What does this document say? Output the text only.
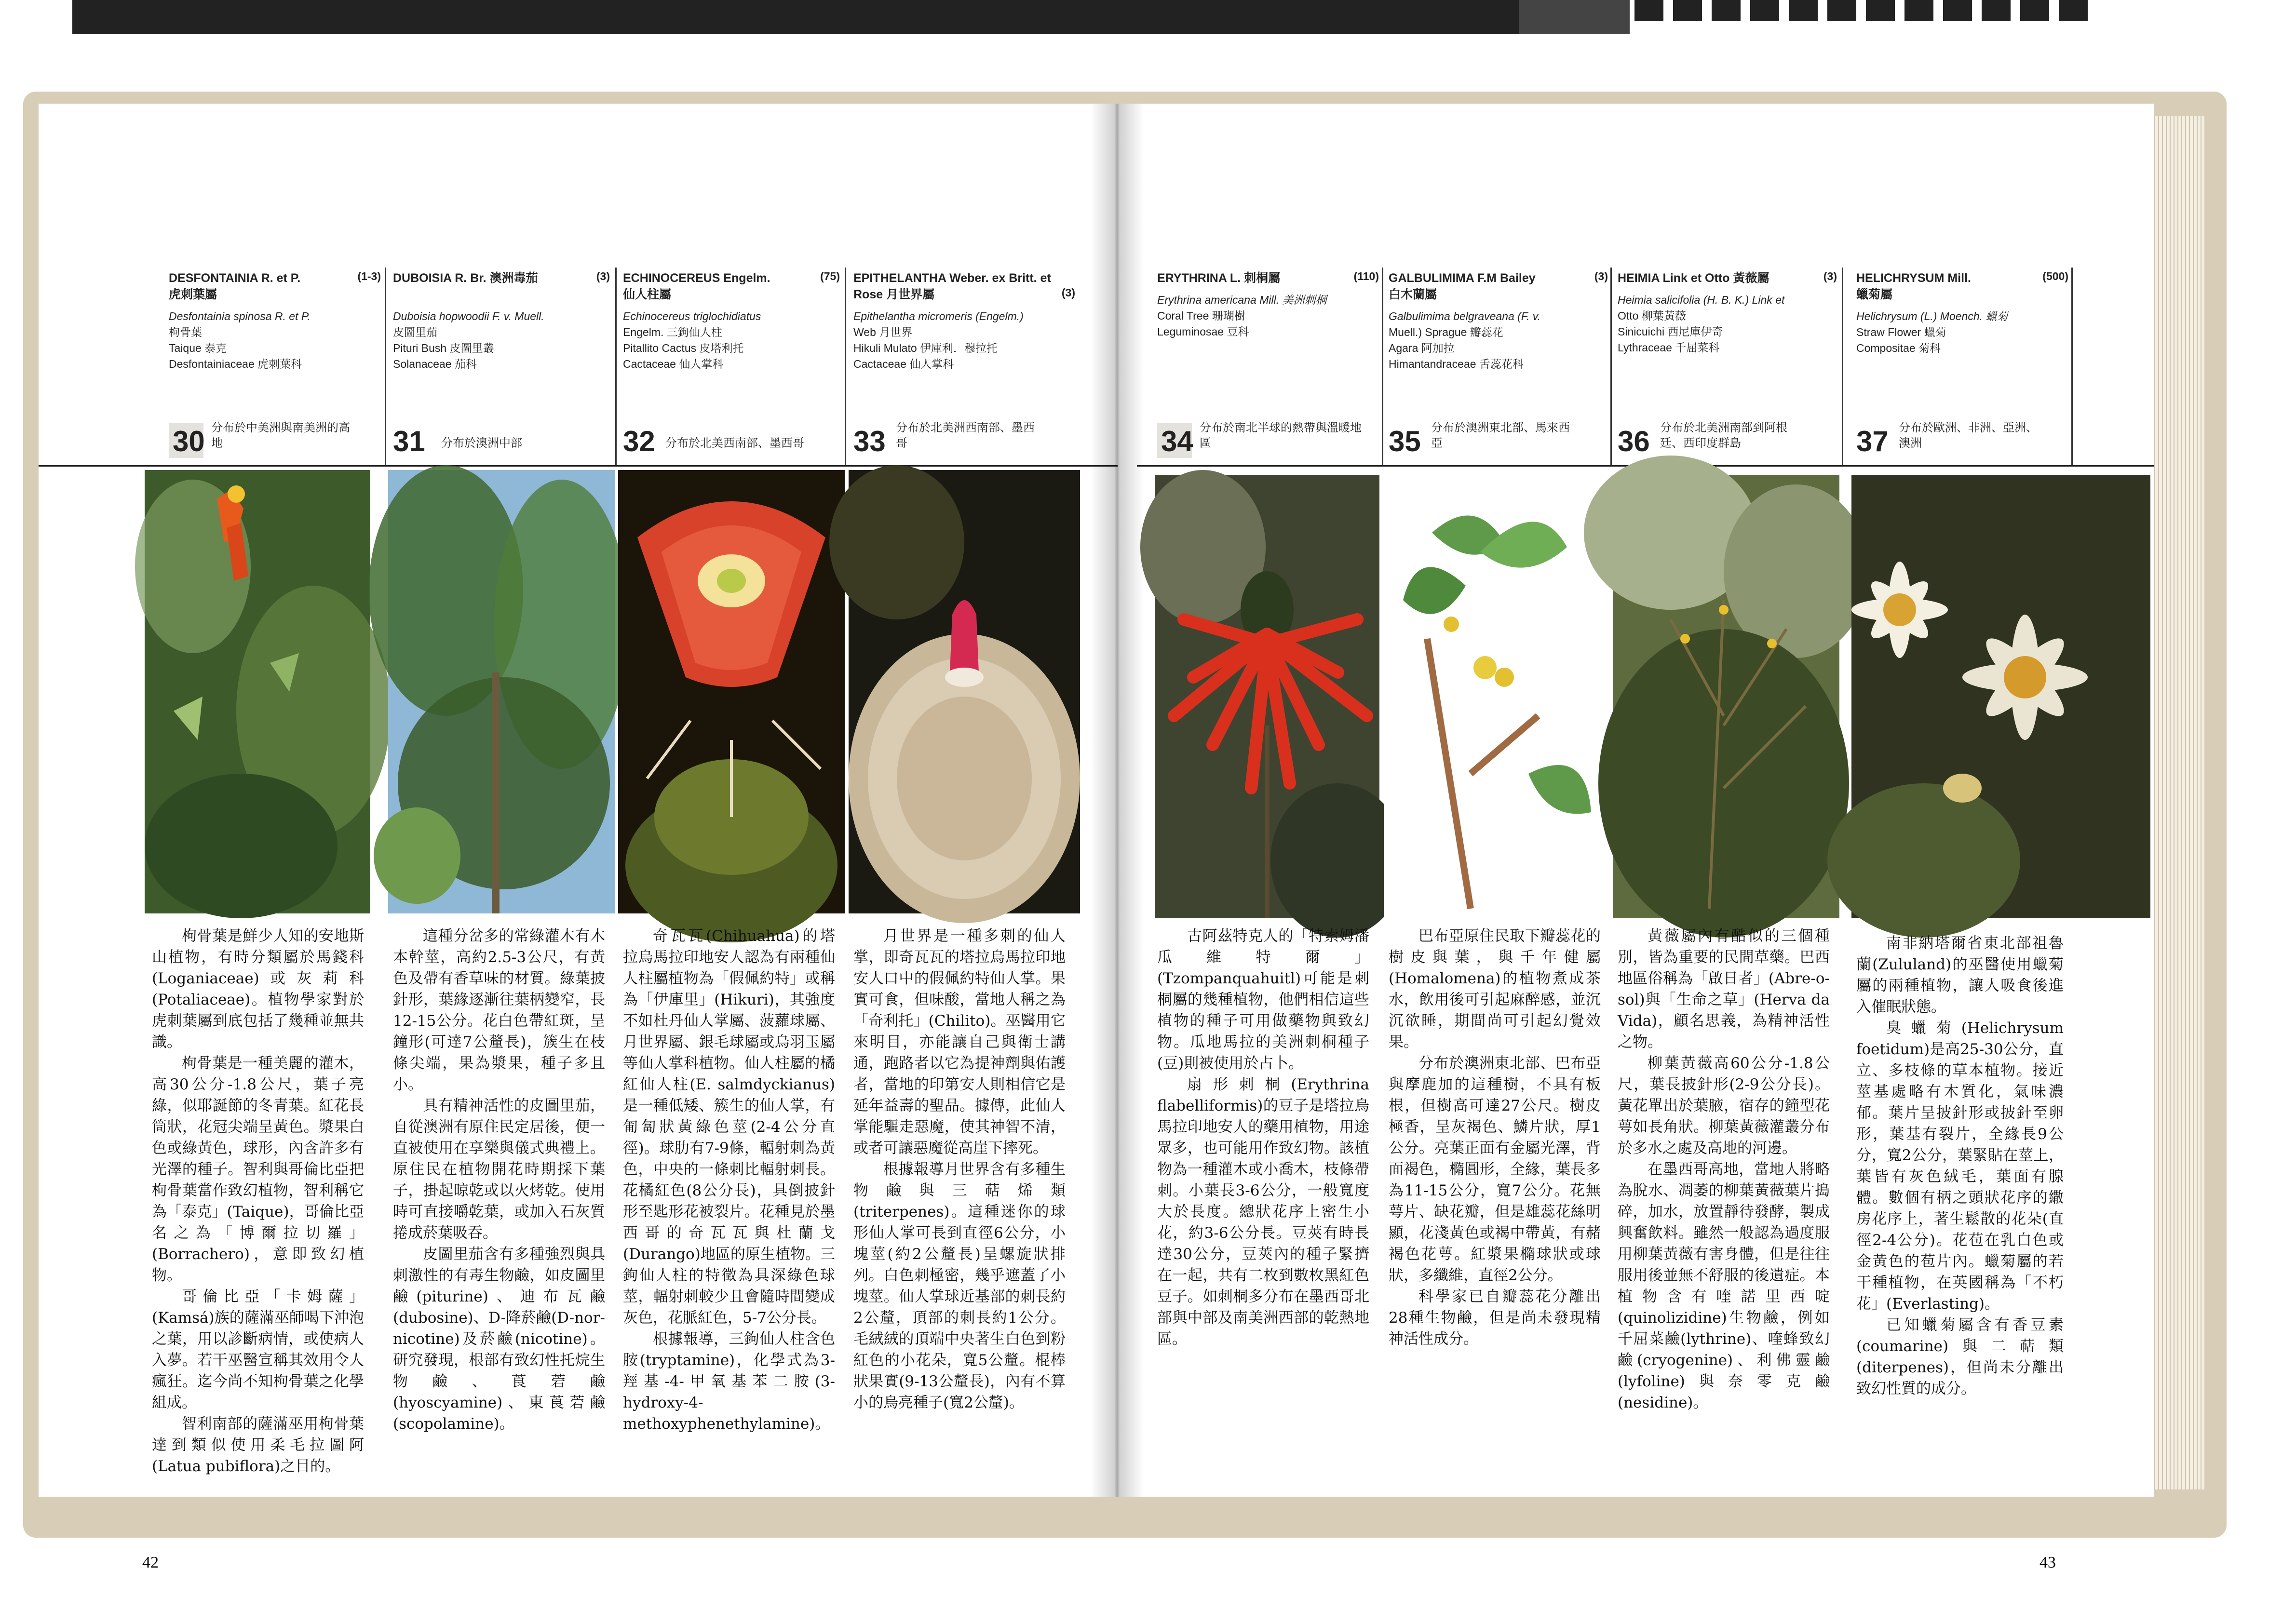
DESFONTAINIA R. et P.	(1-3)
虎刺葉屬
Desfontainia spinosa R. et P.
枸骨葉
Taique 泰克
Desfontainiaceae 虎刺葉科
30 分布於中美洲與南美洲的高地

枸骨葉是鮮少人知的安地斯山植物，有時分類屬於馬錢科(Loganiaceae)或灰莉科(Potaliaceae)。植物學家對於虎刺葉屬到底包括了幾種並無共識。

枸骨葉是一種美麗的灌木，高30公分-1.8公尺，葉子亮綠，似耶誕節的冬青葉。紅花長筒狀，花冠尖端呈黃色。漿果白色或綠黃色，球形，內含許多有光澤的種子。智利與哥倫比亞把枸骨葉當作致幻植物，智利稱它為「泰克」(Taique)，哥倫比亞名之為「博爾拉切羅」(Borrachero)，意即致幻植物。

哥倫比亞「卡姆薩」(Kamsá)族的薩滿巫師喝下沖泡之葉，用以診斷病情，或使病人入夢。若干巫醫宣稱其效用令人瘋狂。迄今尚不知枸骨葉之化學組成。

智利南部的薩滿巫用枸骨葉達到類似使用柔毛拉圖阿(Latua pubiflora)之目的。

DUBOISIA R. Br. 澳洲毒茄	(3)
Duboisia hopwoodii F. v. Muell.
皮圖里茄
Pituri Bush 皮圖里叢
Solanaceae 茄科
31 分布於澳洲中部

這種分岔多的常綠灌木有木本幹莖，高約2.5-3公尺，有黃色及帶有香草味的材質。綠葉披針形，葉緣逐漸往葉柄變窄，長12-15公分。花白色帶紅斑，呈鐘形(可達7公釐長)，簇生在枝條尖端，果為漿果，種子多且小。

具有精神活性的皮圖里茄，自從澳洲有原住民定居後，便一直被使用在享樂與儀式典禮上。原住民在植物開花時期採下葉子，掛起晾乾或以火烤乾。使用時可直接嚼乾葉，或加入石灰質捲成菸葉吸吞。

皮圖里茄含有多種強烈與具刺激性的有毒生物鹼，如皮圖里鹼(piturine)、迪布瓦鹼(dubosine)、D-降菸鹼(D-nor-nicotine)及菸鹼(nicotine)。研究發現，根部有致幻性托烷生物鹼、莨菪鹼(hyoscyamine)、東莨菪鹼(scopolamine)。

ECHINOCEREUS Engelm.	(75)
仙人柱屬
Echinocereus triglochidiatus
Engelm. 三鉤仙人柱
Pitallito Cactus 皮塔利托
Cactaceae 仙人掌科
32 分布於北美西南部、墨西哥

奇瓦瓦(Chihuahua)的塔拉烏馬拉印地安人認為有兩種仙人柱屬植物為「假佩約特」或稱為「伊庫里」(Hikuri)，其強度不如杜丹仙人掌屬、菠蘿球屬、月世界屬、銀毛球屬或烏羽玉屬等仙人掌科植物。仙人柱屬的橘紅仙人柱(E. salmdyckianus)是一種低矮、簇生的仙人掌，有匍匐狀黃綠色莖(2-4公分直徑)。球肋有7-9條，輻射刺為黃色，中央的一條刺比輻射刺長。花橘紅色(8公分長)，具倒披針形至匙形花被裂片。花種見於墨西哥的奇瓦瓦與杜蘭戈(Durango)地區的原生植物。三鉤仙人柱的特徵為具深綠色球莖，輻射刺較少且會隨時間變成灰色，花脈紅色，5-7公分長。

根據報導，三鉤仙人柱含色胺(tryptamine)，化學式為3-羥基-4-甲氧基苯二胺(3-hydroxy-4-methoxyphenethylamine)。

EPITHELANTHA Weber. ex Britt. et Rose 月世界屬	(3)
Epithelantha micromeris (Engelm.)
Web 月世界
Hikuli Mulato 伊庫利．穆拉托
Cactaceae 仙人掌科
33 分布於北美洲西南部、墨西哥

月世界是一種多刺的仙人掌，即奇瓦瓦的塔拉烏馬拉印地安人口中的假佩約特仙人掌。果實可食，但味酸，當地人稱之為「奇利托」(Chilito)。巫醫用它來明目，亦能讓自己與衛士講通，跑路者以它為提神劑與佑護者，當地的印第安人則相信它是延年益壽的聖品。據傳，此仙人掌能驅走惡魔，使其神智不清，或者可讓惡魔從高崖下摔死。

根據報導月世界含有多種生物鹼與三萜烯類(triterpenes)。這種迷你的球形仙人掌可長到直徑6公分，小塊莖(約2公釐長)呈螺旋狀排列。白色刺極密，幾乎遮蓋了小塊莖。仙人掌球近基部的刺長約2公釐，頂部的刺長約1公分。毛絨絨的頂端中央著生白色到粉紅色的小花朵，寬5公釐。棍棒狀果實(9-13公釐長)，內有不算小的烏亮種子(寬2公釐)。

42
ERYTHRINA L. 刺桐屬	(110)
Erythrina americana Mill. 美洲刺桐
Coral Tree 珊瑚樹
Leguminosae 豆科
34 分布於南北半球的熱帶與溫暖地區

古阿茲特克人的「特索姆潘瓜維特爾」(Tzompanquahuitl)可能是刺桐屬的幾種植物，他們相信這些植物的種子可用做藥物與致幻物。瓜地馬拉的美洲刺桐種子(豆)則被使用於占卜。

扇形刺桐(Erythrina flabelliformis)的豆子是塔拉烏馬拉印地安人的藥用植物，用途眾多，也可能用作致幻物。該植物為一種灌木或小喬木，枝條帶刺。小葉長3-6公分，一般寬度大於長度。總狀花序上密生小花，約3-6公分長。豆莢有時長達30公分，豆莢內的種子緊擠在一起，共有二枚到數枚黑紅色豆子。如刺桐多分布在墨西哥北部與中部及南美洲西部的乾熱地區。

GALBULIMIMA F.M Bailey	(3)
白木蘭屬
Galbulimima belgraveana (F. v.
Muell.) Sprague 瓣蕊花
Agara 阿加拉
Himantandraceae 舌蕊花科
35 分布於澳洲東北部、馬來西亞

巴布亞原住民取下瓣蕊花的樹皮與葉，與千年健屬(Homalomena)的植物煮成茶水，飲用後可引起麻醉感，並沉沉欲睡，期間尚可引起幻覺效果。

分布於澳洲東北部、巴布亞與摩鹿加的這種樹，不具有板根，但樹高可達27公尺。樹皮極香，呈灰褐色、鱗片狀，厚1公分。亮葉正面有金屬光澤，背面褐色，橢圓形，全緣，葉長多為11-15公分，寬7公分。花無萼片、缺花瓣，但是雄蕊花絲明顯，花淺黃色或褐中帶黃，有赭褐色花萼。紅漿果橢球狀或球狀，多纖維，直徑2公分。

科學家已自瓣蕊花分離出28種生物鹼，但是尚未發現精神活性成分。

HEIMIA Link et Otto 黃薇屬	(3)
Heimia salicifolia (H. B. K.) Link et
Otto 柳葉黃薇
Sinicuichi 西尼庫伊奇
Lythraceae 千屈菜科
36 分布於北美洲南部到阿根廷、西印度群島

黃薇屬內有酷似的三個種別，皆為重要的民間草藥。巴西地區俗稱為「啟日者」(Abre-o-sol)與「生命之草」(Herva da Vida)，顧名思義，為精神活性之物。

柳葉黃薇高60公分-1.8公尺，葉長披針形(2-9公分長)。黃花單出於葉腋，宿存的鐘型花萼如長角狀。柳葉黃薇灌叢分布於多水之處及高地的河邊。

在墨西哥高地，當地人將略為脫水、凋萎的柳葉黃薇葉片搗碎，加水，放置靜待發酵，製成興奮飲料。雖然一般認為過度服用柳葉黃薇有害身體，但是往往服用後並無不舒服的後遺症。本植物含有喹諾里西啶(quinolizidine)生物鹼，例如千屈菜鹼(lythrine)、喹蜂致幻鹼(cryogenine)、利佛靈鹼(lyfoline)與奈零克鹼(nesidine)。

HELICHRYSUM Mill.	(500)
蠟菊屬
Helichrysum (L.) Moench. 蠟菊
Straw Flower 蠟菊
Compositae 菊科
37 分布於歐洲、非洲、亞洲、澳洲

南非納塔爾省東北部祖魯蘭(Zululand)的巫醫使用蠟菊屬的兩種植物，讓人吸食後進入催眠狀態。

臭蠟菊(Helichrysum foetidum)是高25-30公分，直立、多枝條的草本植物。接近莖基處略有木質化，氣味濃郁。葉片呈披針形或披針至卵形，葉基有裂片，全緣長9公分，寬2公分，葉緊貼在莖上，葉皆有灰色絨毛，葉面有腺體。數個有柄之頭狀花序的繖房花序上，著生鬆散的花朵(直徑2-4公分)。花苞在乳白色或金黃色的苞片內。蠟菊屬的若干種植物，在英國稱為「不朽花」(Everlasting)。

已知蠟菊屬含有香豆素(coumarine)與二萜類(diterpenes)，但尚未分離出致幻性質的成分。

43
